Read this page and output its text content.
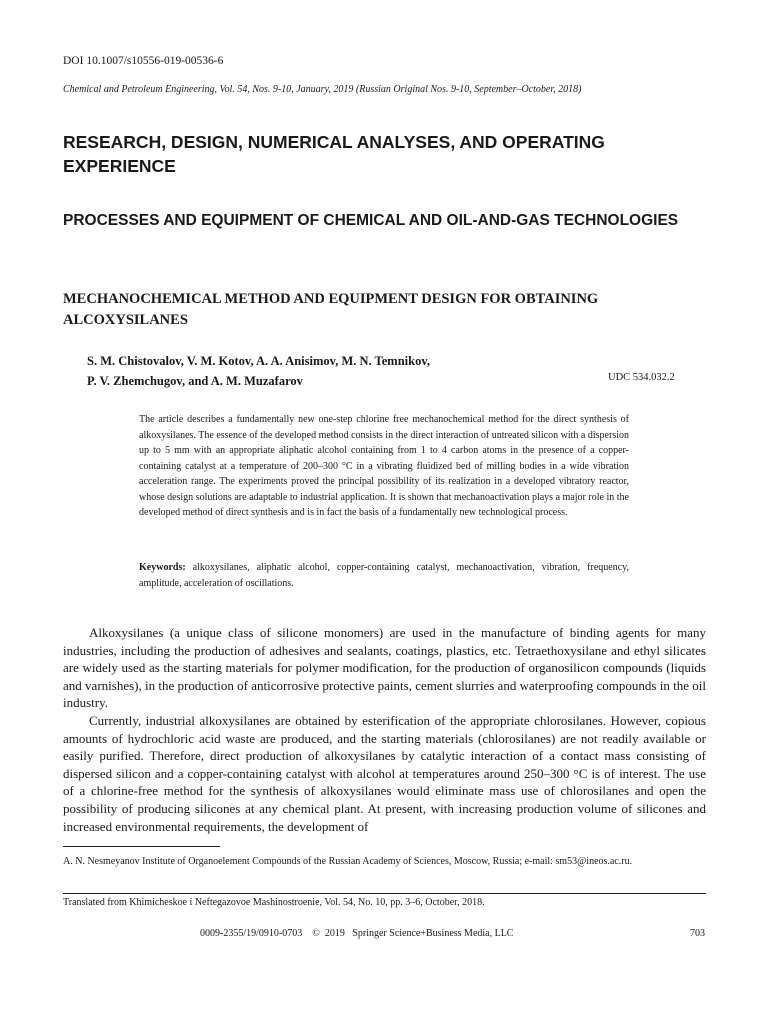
DOI 10.1007/s10556-019-00536-6
Chemical and Petroleum Engineering, Vol. 54, Nos. 9-10, January, 2019 (Russian Original Nos. 9-10, September–October, 2018)
RESEARCH, DESIGN, NUMERICAL ANALYSES, AND OPERATING EXPERIENCE
PROCESSES AND EQUIPMENT OF CHEMICAL AND OIL-AND-GAS TECHNOLOGIES
MECHANOCHEMICAL METHOD AND EQUIPMENT DESIGN FOR OBTAINING ALCOXYSILANES
S. M. Chistovalov, V. M. Kotov, A. A. Anisimov, M. N. Temnikov,
P. V. Zhemchugov, and A. M. Muzafarov	UDC 534.032.2
The article describes a fundamentally new one-step chlorine free mechanochemical method for the direct synthesis of alkoxysilanes. The essence of the developed method consists in the direct interaction of untreated silicon with a dispersion up to 5 mm with an appropriate aliphatic alcohol containing from 1 to 4 carbon atoms in the presence of a copper-containing catalyst at a temperature of 200–300 °C in a vibrating fluidized bed of milling bodies in a wide vibration acceleration range. The experiments proved the principal possibility of its realization in a developed vibratory reactor, whose design solutions are adaptable to industrial application. It is shown that mechanoactivation plays a major role in the developed method of direct synthesis and is in fact the basis of a fundamentally new technological process.
Keywords: alkoxysilanes, aliphatic alcohol, copper-containing catalyst, mechanoactivation, vibration, frequency, amplitude, acceleration of oscillations.

Alkoxysilanes (a unique class of silicone monomers) are used in the manufacture of binding agents for many industries, including the production of adhesives and sealants, coatings, plastics, etc. Tetraethoxysilane and ethyl silicates are widely used as the starting materials for polymer modification, for the production of organosilicon compounds (liquids and varnishes), in the production of anticorrosive protective paints, cement slurries and waterproofing compounds in the oil industry.

Currently, industrial alkoxysilanes are obtained by esterification of the appropriate chlorosilanes. However, copious amounts of hydrochloric acid waste are produced, and the starting materials (chlorosilanes) are not readily available or easily purified. Therefore, direct production of alkoxysilanes by catalytic interaction of a contact mass consisting of dispersed silicon and a copper-containing catalyst with alcohol at temperatures around 250–300 °C is of interest. The use of a chlorine-free method for the synthesis of alkoxysilanes would eliminate mass use of chlorosilanes and open the possibility of producing silicones at any chemical plant. At present, with increasing production volume of silicones and increased environmental requirements, the development of

A. N. Nesmeyanov Institute of Organoelement Compounds of the Russian Academy of Sciences, Moscow, Russia; e-mail: sm53@ineos.ac.ru.
Translated from Khimicheskoe i Neftegazovoe Mashinostroenie, Vol. 54, No. 10, pp. 3–6, October, 2018.
0009-2355/19/0910-0703    ©  2019   Springer Science+Business Media, LLC	703
